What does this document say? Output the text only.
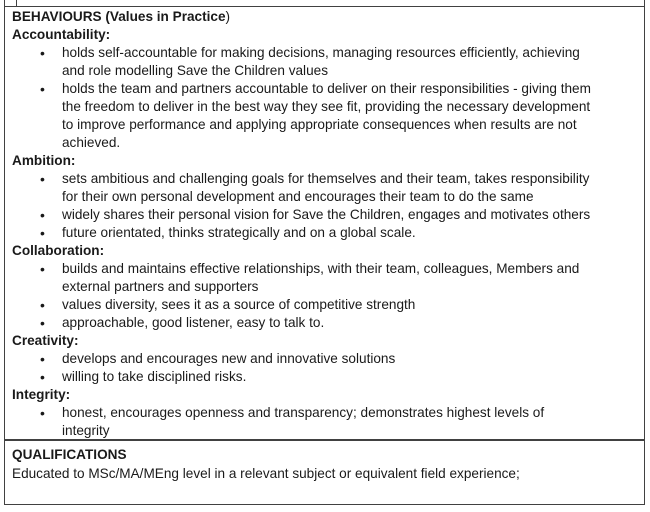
BEHAVIOURS (Values in Practice)
Accountability:
• holds self-accountable for making decisions, managing resources efficiently, achieving
and role modelling Save the Children values
• holds the team and partners accountable to deliver on their responsibilities - giving them
the freedom to deliver in the best way they see fit, providing the necessary development
to improve performance and applying appropriate consequences when results are not
achieved.
Ambition:
• sets ambitious and challenging goals for themselves and their team, takes responsibility
for their own personal development and encourages their team to do the same
• widely shares their personal vision for Save the Children, engages and motivates others
• future orientated, thinks strategically and on a global scale.
Collaboration:
• builds and maintains effective relationships, with their team, colleagues, Members and
external partners and supporters
• values diversity, sees it as a source of competitive strength
• approachable, good listener, easy to talk to.
Creativity:
• develops and encourages new and innovative solutions
• willing to take disciplined risks.
Integrity:
• honest, encourages openness and transparency; demonstrates highest levels of
integrity
QUALIFICATIONS
Educated to MSc/MA/MEng level in a relevant subject or equivalent field experience;
